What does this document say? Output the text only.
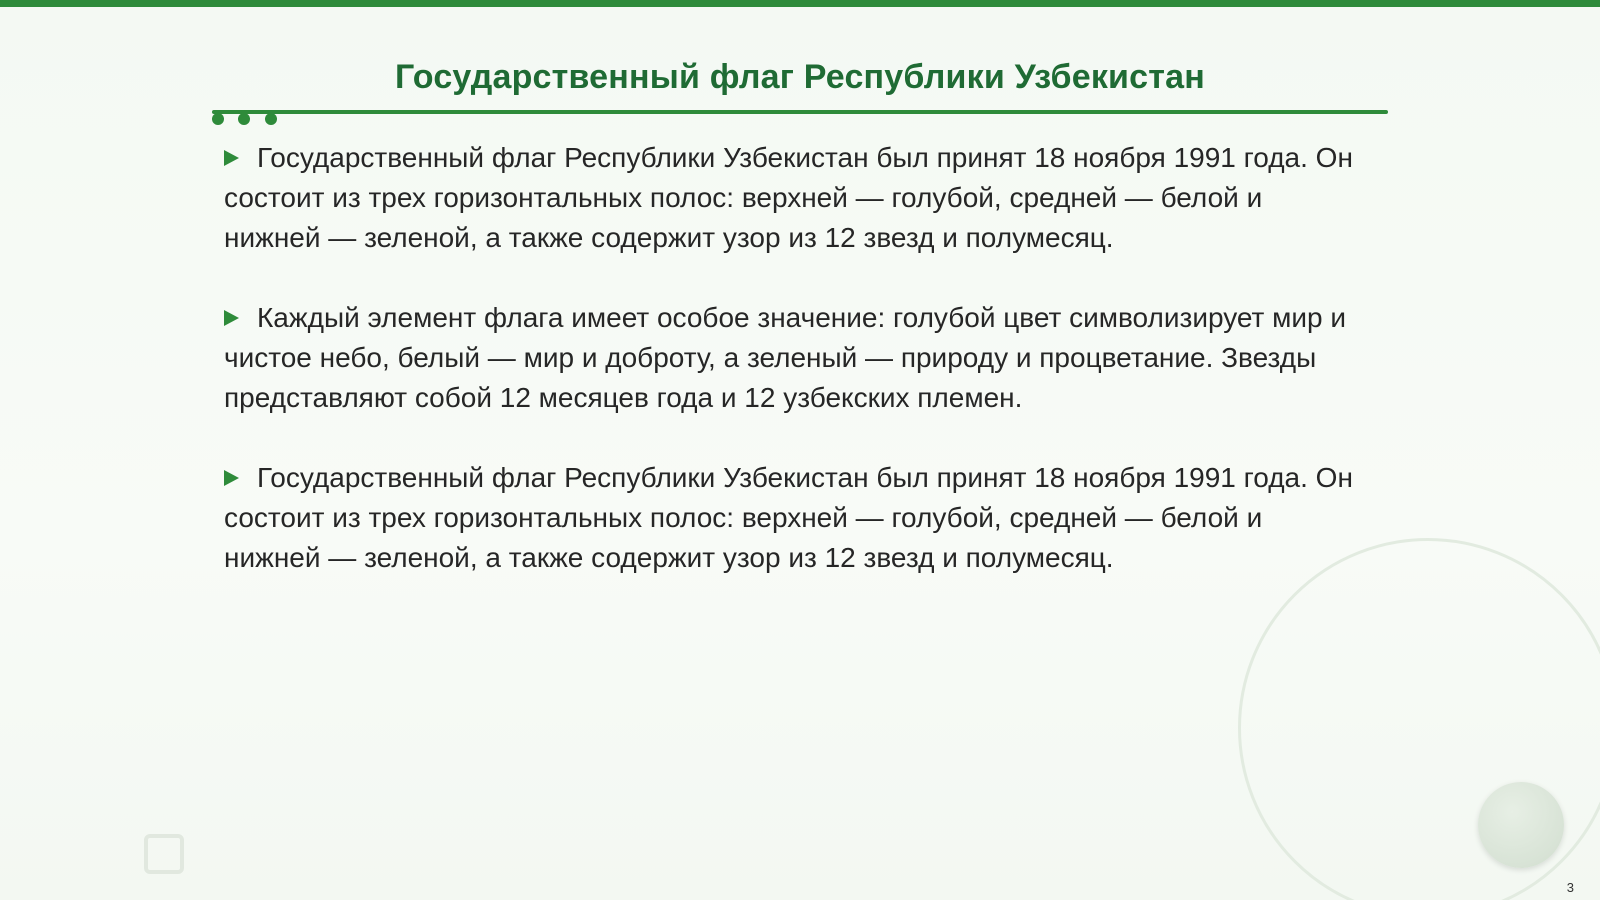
Государственный флаг Республики Узбекистан

Государственный флаг Республики Узбекистан был принят 18 ноября 1991 года. Он состоит из трех горизонтальных полос: верхней — голубой, средней — белой и нижней — зеленой, а также содержит узор из 12 звезд и полумесяц.

Каждый элемент флага имеет особое значение: голубой цвет символизирует мир и чистое небо, белый — мир и доброту, а зеленый — природу и процветание. Звезды представляют собой 12 месяцев года и 12 узбекских племен.

Государственный флаг Республики Узбекистан был принят 18 ноября 1991 года. Он состоит из трех горизонтальных полос: верхней — голубой, средней — белой и нижней — зеленой, а также содержит узор из 12 звезд и полумесяц.

3
